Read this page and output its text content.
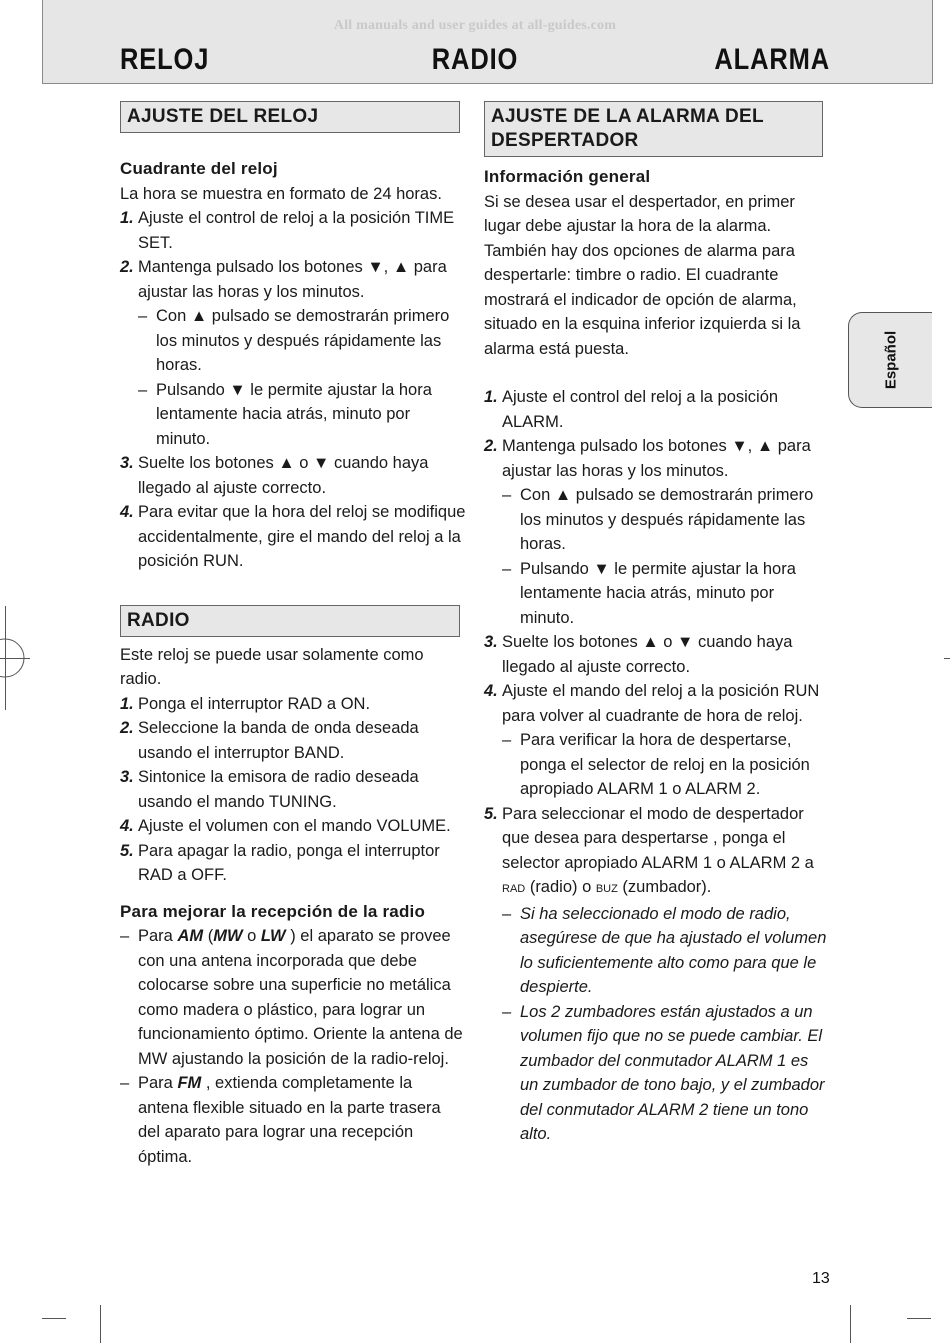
All manuals and user guides at all-guides.com
RELOJ	RADIO	ALARMA
AJUSTE DEL RELOJ

Cuadrante del reloj

La hora se muestra en formato de 24 horas.

1. Ajuste el control de reloj a la posición TIME SET.
2. Mantenga pulsado los botones ▼, ▲ para ajustar las horas y los minutos.
– Con ▲ pulsado se demostrarán primero los minutos y después rápidamente las horas.
– Pulsando ▼ le permite ajustar la hora lentamente hacia atrás, minuto por minuto.
3. Suelte los botones ▲ o ▼ cuando haya llegado al ajuste correcto.
4. Para evitar que la hora del reloj se modifique accidentalmente, gire el mando del reloj a la posición RUN.
RADIO

Este reloj se puede usar solamente como radio.

1. Ponga el interruptor RAD a ON.
2. Seleccione la banda de onda deseada usando el interruptor BAND.
3. Sintonice la emisora de radio deseada usando el mando TUNING.
4. Ajuste el volumen con el mando VOLUME.
5. Para apagar la radio, ponga el interruptor RAD a OFF.

Para mejorar la recepción de la radio

– Para AM (MW o LW ) el aparato se provee con una antena incorporada que debe colocarse sobre una superficie no metálica como madera o plástico, para lograr un funcionamiento óptimo. Oriente la antena de MW ajustando la posición de la radio-reloj.
– Para FM , extienda completamente la antena flexible situado en la parte trasera del aparato para lograr una recepción óptima.
AJUSTE DE LA ALARMA DEL DESPERTADOR

Información general

Si se desea usar el despertador, en primer lugar debe ajustar la hora de la alarma. También hay dos opciones de alarma para despertarle: timbre o radio. El cuadrante mostrará el indicador de opción de alarma, situado en la esquina inferior izquierda si la alarma está puesta.

1. Ajuste el control del reloj a la posición ALARM.
2. Mantenga pulsado los botones ▼, ▲ para ajustar las horas y los minutos.
– Con ▲ pulsado se demostrarán primero los minutos y después rápidamente las horas.
– Pulsando ▼ le permite ajustar la hora lentamente hacia atrás, minuto por minuto.
3. Suelte los botones ▲ o ▼ cuando haya llegado al ajuste correcto.
4. Ajuste el mando del reloj a la posición RUN para volver al cuadrante de hora de reloj.
– Para verificar la hora de despertarse, ponga el selector de reloj en la posición apropiado ALARM 1 o ALARM 2.
5. Para seleccionar el modo de despertador que desea para despertarse , ponga el selector apropiado ALARM 1 o ALARM 2 a RAD (radio) o BUZ (zumbador).
– Si ha seleccionado el modo de radio, asegúrese de que ha ajustado el volumen lo suficientemente alto como para que le despierte.
– Los 2 zumbadores están ajustados a un volumen fijo que no se puede cambiar. El zumbador del conmutador ALARM 1 es un zumbador de tono bajo, y el zumbador del conmutador ALARM 2 tiene un tono alto.
Español
13
